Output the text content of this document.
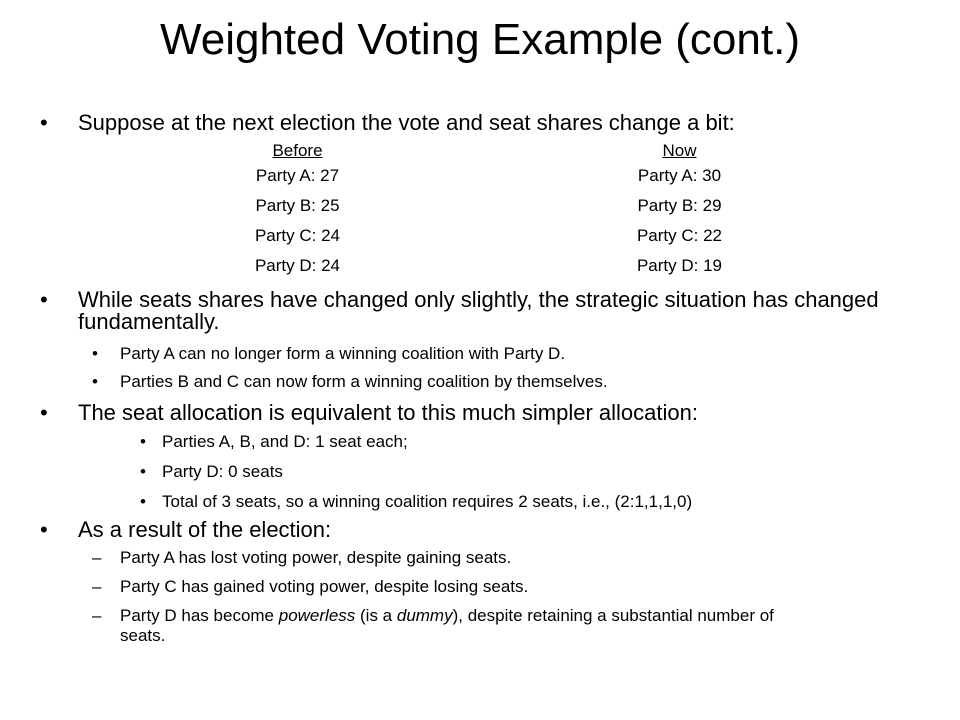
Weighted Voting Example (cont.)
• Suppose at the next election the vote and seat shares change a bit:
Before
Party A: 27
Party B: 25
Party C: 24
Party D: 24
Now
Party A: 30
Party B: 29
Party C: 22
Party D: 19
• While seats shares have changed only slightly, the strategic situation has changed fundamentally.
• Party A can no longer form a winning coalition with Party D.
• Parties B and C can now form a winning coalition by themselves.
• The seat allocation is equivalent to this much simpler allocation:
• Parties A, B, and D: 1 seat each;
• Party D: 0 seats
• Total of 3 seats, so a winning coalition requires 2 seats, i.e., (2:1,1,1,0)
• As a result of the election:
– Party A has lost voting power, despite gaining seats.
– Party C has gained voting power, despite losing seats.
– Party D has become powerless (is a dummy), despite retaining a substantial number of seats.
